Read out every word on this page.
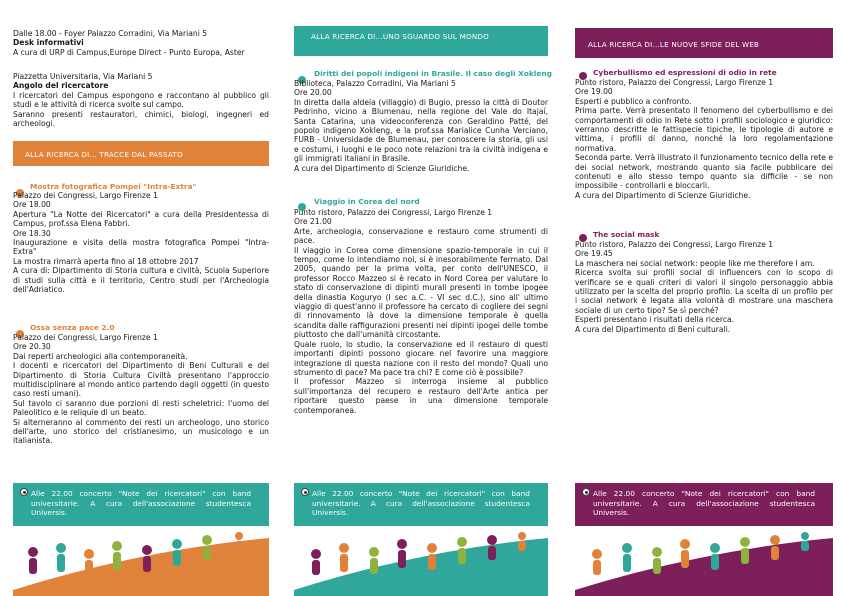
Dalle 18.00 - Foyer Palazzo Corradini, Via Mariani 5
Desk informativi
A cura di URP di Campus,Europe Direct - Punto Europa, Aster
Piazzetta Universitaria, Via Mariani 5
Angolo del ricercatore
I ricercatori del Campus espongono e raccontano al pubblico gli studi e le attività di ricerca svolte sul campo.
Saranno presenti restauratori, chimici, biologi, ingegneri ed archeologi.
ALLA RICERCA DI... TRACCE DAL PASSATO
Mostra fotografica Pompei "Intra-Extra"
Palazzo dei Congressi, Largo Firenze 1
Ore 18.00
Apertura "La Notte dei Ricercatori" a cura della Presidentessa di Campus, prof.ssa Elena Fabbri.
Ore 18.30
Inaugurazione e visita della mostra fotografica Pompei "Intra-Extra"
La mostra rimarrà aperta fino al 18 ottobre 2017
A cura di: Dipartimento di Storia cultura e civiltà, Scuola Superiore di studi sulla città e il territorio, Centro studi per l'Archeologia dell'Adriatico.
Ossa senza pace 2.0
Palazzo dei Congressi, Largo Firenze 1
Ore 20.30
Dai reperti archeologici alla contemporaneità.
I docenti e ricercatori del Dipartimento di Beni Culturali e del Dipartimento di Storia Cultura Civiltà presentano l'approccio multidisciplinare al mondo antico partendo dagli oggetti (in questo caso resti umani).
Sul tavolo ci saranno due porzioni di resti scheletrici: l'uomo del Paleolitico e le reliquie di un beato.
Si alterneranno al commento dei resti un archeologo, uno storico dell'arte, uno storico del cristianesimo, un musicologo e un italianista.
Alle 22.00 concerto "Note dei ricercatori" con band universitarie. A cura dell'associazione studentesca Universis.
ALLA RICERCA DI...UNO SGUARDO SUL MONDO
Diritti dei popoli indigeni in Brasile. Il caso degli Xokleng
Biblioteca, Palazzo Corradini, Via Mariani 5
Ore 20.00
In diretta dalla aldeia (villaggio) di Bugio, presso la città di Doutor Pedrinho, vicino a Blumenau, nella regione del Vale do Itajaí, Santa Catarina, una videoconferenza con Geraldino Patté, del popolo indigeno Xokleng, e la prof.ssa Marialice Cunha Verciano, FURB - Universidade de Blumenau, per conoscere la storia, gli usi e costumi, i luoghi e le poco note relazioni tra la civiltà indigena e gli immigrati italiani in Brasile.
A cura del Dipartimento di Scienze Giuridiche.
Viaggio in Corea del nord
Punto ristoro, Palazzo dei Congressi, Largo Firenze 1
Ore 21.00
Arte, archeologia, conservazione e restauro come strumenti di pace.
Il viaggio in Corea come dimensione spazio-temporale in cui il tempo, come lo intendiamo noi, si è inesorabilmente fermato. Dal 2005, quando per la prima volta, per conto dell'UNESCO, il professor Rocco Mazzeo si è recato in Nord Corea per valutare lo stato di conservazione di dipinti murali presenti in tombe ipogee della dinastia Koguryo (I sec a.C. - VI sec d.C.), sino all' ultimo viaggio di quest'anno il professore ha cercato di cogliere dei segni di rinnovamento là dove la dimensione temporale è quella scandita dalle raffigurazioni presenti nei dipinti ipogei delle tombe piuttosto che dall'umanità circostante.
Quale ruolo, lo studio, la conservazione ed il restauro di questi importanti dipinti possono giocare nel favorire una maggiore integrazione di questa nazione con il resto del mondo? Quali uno strumento di pace? Ma pace tra chi? E come ciò è possibile?
Il professor Mazzeo si interroga insieme al pubblico sull'importanza del recupero e restauro dell'Arte antica per riportare questo paese in una dimensione temporale contemporanea.
Alle 22.00 concerto "Note dei ricercatori" con band universitarie. A cura dell'associazione studentesca Universis.
ALLA RICERCA DI...LE NUOVE SFIDE DEL WEB
Cyberbullismo ed espressioni di odio in rete
Punto ristoro, Palazzo dei Congressi, Largo Firenze 1
Ore 19.00
Esperti e pubblico a confronto.
Prima parte. Verrà presentato il fenomeno del cyberbullismo e dei comportamenti di odio in Rete sotto i profili sociologico e giuridico: verranno descritte le fattispecie tipiche, le tipologie di autore e vittima, i profili di danno, nonché la loro regolamentazione normativa.
Seconda parte. Verrà illustrato il funzionamento tecnico della rete e dei social network, mostrando quanto sia facile pubblicare dei contenuti e allo stesso tempo quanto sia difficile - se non impossibile - controllarli e bloccarli.
A cura del Dipartimento di Scienze Giuridiche.
The social mask
Punto ristoro, Palazzo dei Congressi, Largo Firenze 1
Ore 19.45
La maschera nei social network: people like me therefore I am.
Ricerca svolta sui profili social di influencers con lo scopo di verificare se e quali criteri di valori il singolo personaggio abbia utilizzato per la scelta del proprio profilo. La scelta di un profilo per i social network è legata alla volontà di mostrare una maschera sociale di un certo tipo? Se sì perché?
Esperti presentano i risultati della ricerca.
A cura del Dipartimento di Beni culturali.
Alle 22.00 concerto "Note dei ricercatori" con band universitarie. A cura dell'associazione studentesca Universis.
